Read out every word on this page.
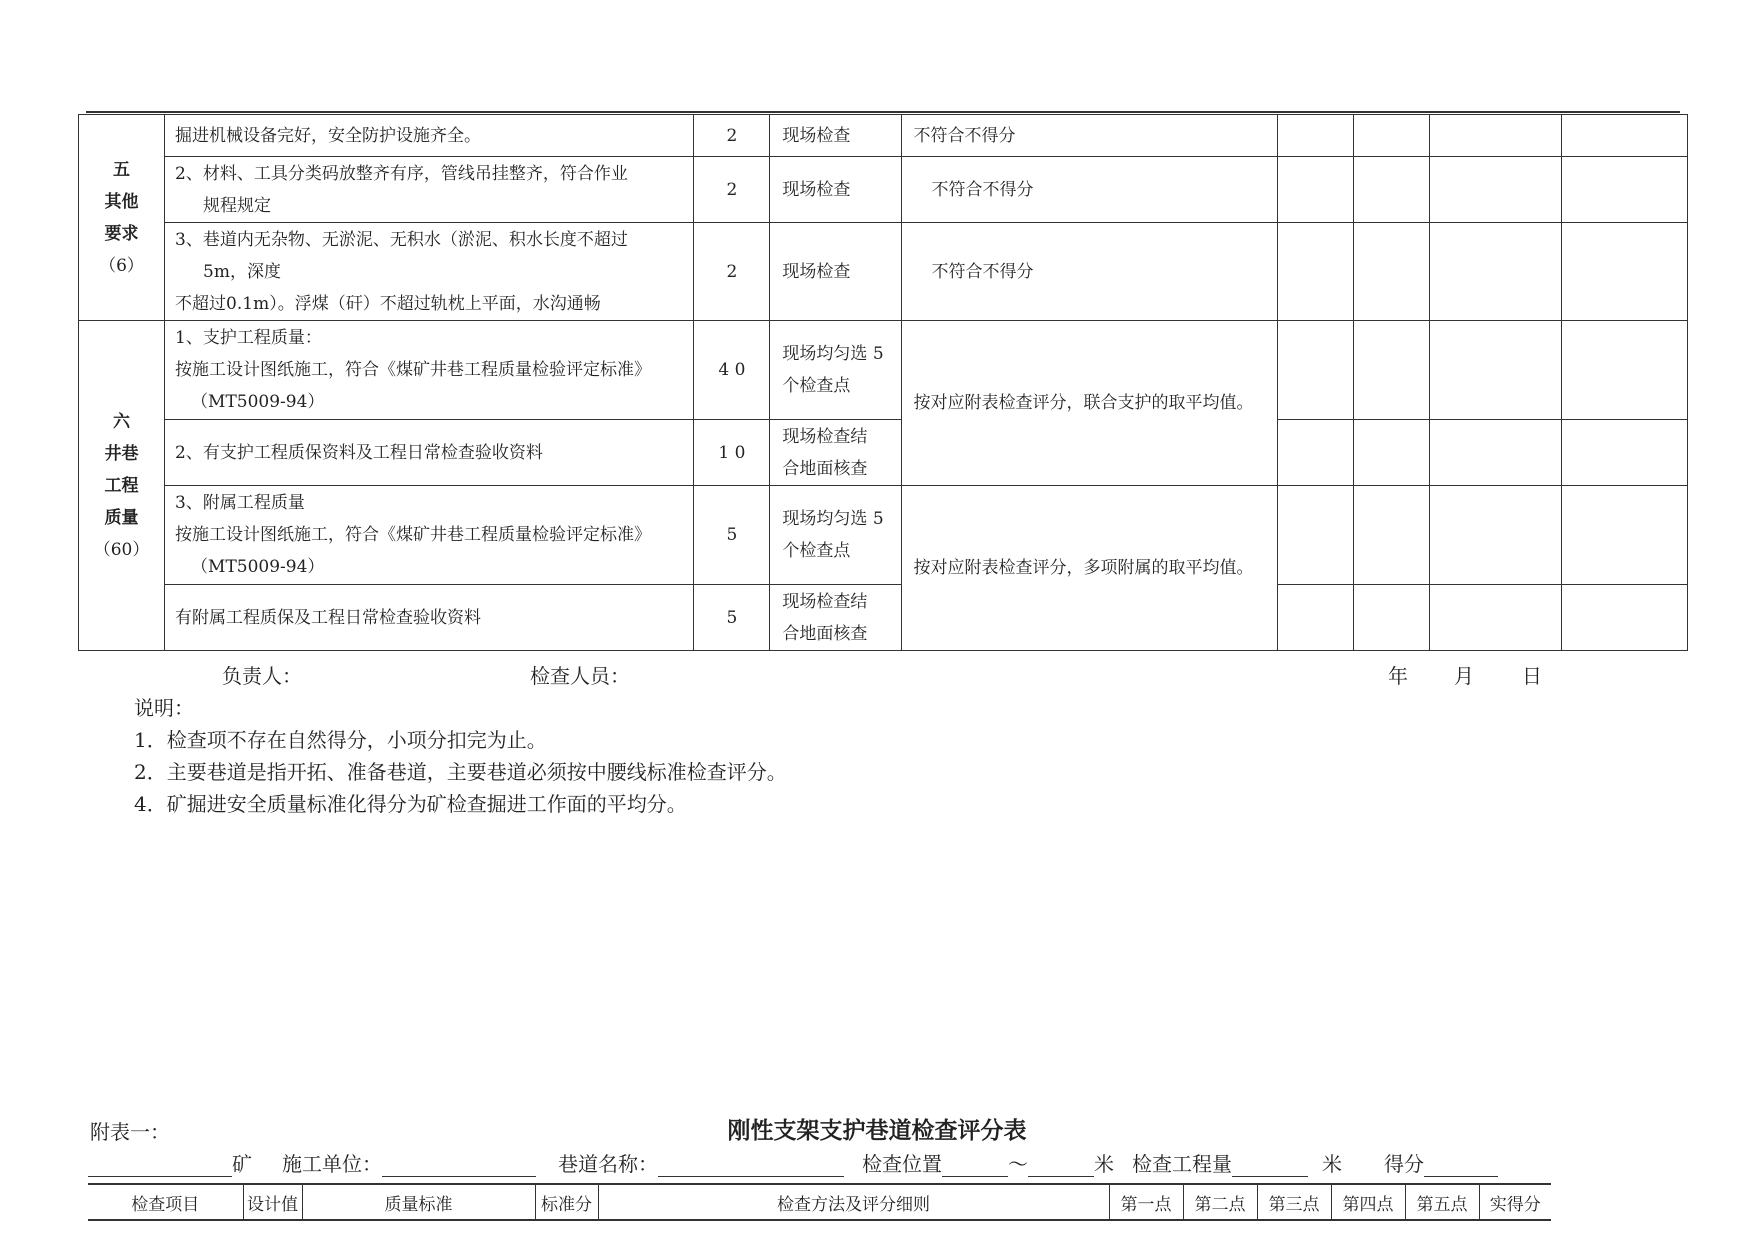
五
其他
要求
（6）	掘进机械设备完好，安全防护设施齐全。	2	现场检查	不符合不得分				

	2、材料、工具分类码放整齐有序，管线吊挂整齐，符合作业
规程规定	2	现场检查	不符合不得分				

	3、巷道内无杂物、无淤泥、无积水（淤泥、积水长度不超过
5m，深度
不超过0.1m）。浮煤（矸）不超过轨枕上平面，水沟通畅	2	现场检查	不符合不得分				
六
井巷
工程
质量
（60）	1、支护工程质量：
按施工设计图纸施工，符合《煤矿井巷工程质量检验评定标准》
（MT5009-94）	4 0	现场均匀选 5
个检查点	按对应附表检查评分，联合支护的取平均值。				

	2、有支护工程质保资料及工程日常检查验收资料	1 0	现场检查结
合地面核查					

	3、附属工程质量
按施工设计图纸施工，符合《煤矿井巷工程质量检验评定标准》
（MT5009-94）	5	现场均匀选 5
个检查点	按对应附表检查评分，多项附属的取平均值。				

	有附属工程质保及工程日常检查验收资料	5	现场检查结
合地面核查					
负责人：	检查人员：	年 月 日
说明：
1．检查项不存在自然得分，小项分扣完为止。
2．主要巷道是指开拓、准备巷道，主要巷道必须按中腰线标准检查评分。
4．矿掘进安全质量标准化得分为矿检查掘进工作面的平均分。
附表一：	刚性支架支护巷道检查评分表
矿 施工单位：	巷道名称：	检查位置	～	米 检查工程量	米 得分
检查项目	设计值	质量标准	标准分	检查方法及评分细则	第一点	第二点	第三点	第四点	第五点	实得分
